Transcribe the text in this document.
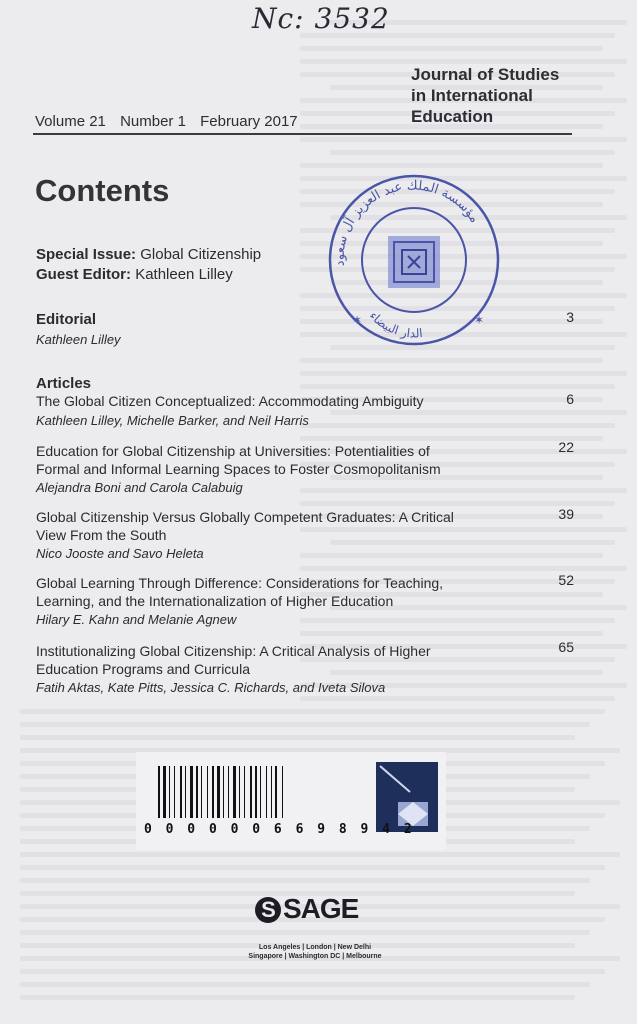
Nc: 3532
Journal of Studies
in International
Education
Volume 21 Number 1 February 2017
Contents
Special Issue: Global Citizenship
Guest Editor: Kathleen Lilley
Editorial
Kathleen Lilley
3
Articles
The Global Citizen Conceptualized: Accommodating Ambiguity
Kathleen Lilley, Michelle Barker, and Neil Harris
6
Education for Global Citizenship at Universities: Potentialities of
Formal and Informal Learning Spaces to Foster Cosmopolitanism
Alejandra Boni and Carola Calabuig
22
Global Citizenship Versus Globally Competent Graduates: A Critical
View From the South
Nico Jooste and Savo Heleta
39
Global Learning Through Difference: Considerations for Teaching,
Learning, and the Internationalization of Higher Education
Hilary E. Kahn and Melanie Agnew
52
Institutionalizing Global Citizenship: A Critical Analysis of Higher
Education Programs and Curricula
Fatih Aktas, Kate Pitts, Jessica C. Richards, and Iveta Silova
65
مؤسسة الملك عبد العزيز آل سعود
الدار البيضاء
✶	✶
0 0 0 0 0 0 6 6 9 8 9 4 2
S SAGE
Los Angeles | London | New Delhi
Singapore | Washington DC | Melbourne
